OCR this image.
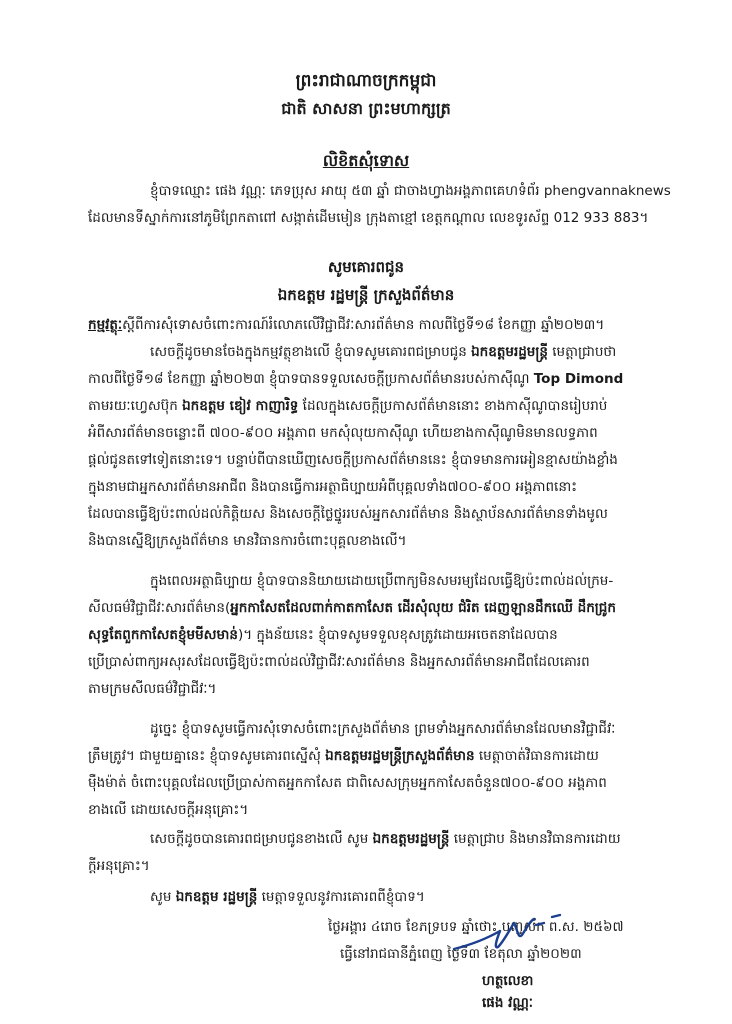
ព្រះរាជាណាចក្រកម្ពុជា
ជាតិ សាសនា ព្រះមហាក្សត្រ
លិខិតសុំទោស
ខ្ញុំបាទឈ្មោះ ផេង វណ្ណៈ ភេទប្រុស អាយុ ៥៣ ឆ្នាំ ជាចាងហ្វាងអង្គភាពគេហទំព័រ phengvannaknews
ដែលមានទីស្នាក់ការនៅភូមិព្រែកតាពៅ សង្កាត់ដើមមៀន ក្រុងតាខ្មៅ ខេត្តកណ្ដាល លេខទូរស័ព្ទ 012 933 883។
សូមគោរពជូន
ឯកឧត្តម រដ្ឋមន្ត្រី ក្រសួងព័ត៌មាន
កម្មវត្ថុៈស្ដីពីការសុំទោសចំពោះការណ៍រំលោភលើវិជ្ជាជីវៈសារព័ត៌មាន កាលពីថ្ងៃទី១៨ ខែកញ្ញា ឆ្នាំ២០២៣។
សេចក្ដីដូចមានចែងក្នុងកម្មវត្ថុខាងលើ ខ្ញុំបាទសូមគោរពជម្រាបជូន ឯកឧត្តមរដ្ឋមន្ត្រី មេត្តាជ្រាបថា
កាលពីថ្ងៃទី១៨ ខែកញ្ញា ឆ្នាំ២០២៣ ខ្ញុំបាទបានទទួលសេចក្ដីប្រកាសព័ត៌មានរបស់កាស៊ីណូ Top Dimond
តាមរយៈហ្វេសប៊ុក ឯកឧត្តម ឌៀវ កាញារិទ្ធ ដែលក្នុងសេចក្ដីប្រកាសព័ត៌មាននោះ ខាងកាស៊ីណូបានរៀបរាប់
អំពីសារព័ត៌មានចន្លោះពី ៧០០-៩០០ អង្គភាព មកសុំលុយកាស៊ីណូ ហើយខាងកាស៊ីណូមិនមានលទ្ធភាព
ផ្តល់ជូនតទៅទៀតនោះទេ។ បន្ទាប់ពីបានឃើញសេចក្តីប្រកាសព័ត៌មាននេះ ខ្ញុំបាទមានការអៀនខ្មាសយ៉ាងខ្លាំង
ក្នុងនាមជាអ្នកសារព័ត៌មានអាជីព និងបានធ្វើការអត្ថាធិប្បាយអំពីបុគ្គលទាំង៧០០-៩០០ អង្គភាពនោះ
ដែលបានធ្វើឱ្យប៉ះពាល់ដល់កិត្តិយស និងសេចក្តីថ្លៃថ្នូររបស់អ្នកសារព័ត៌មាន និងស្ថាប័នសារព័ត៌មានទាំងមូល
និងបានស្នើឱ្យក្រសួងព័ត៌មាន មានវិធានការចំពោះបុគ្គលខាងលើ។
ក្នុងពេលអត្ថាធិប្បាយ ខ្ញុំបាទបាននិយាយដោយប្រើពាក្យមិនសមរម្យដែលធ្វើឱ្យប៉ះពាល់ដល់ក្រម-
សីលធម៌វិជ្ជាជីវៈសារព័ត៌មាន(អ្នកកាសែតដែលពាក់កាតកាសែត ដើរសុំលុយ ជំរិត ដេញឡានដឹកឈើ ដឹកជ្រូក
សុទ្ធតែពួកកាសែតខ្ញុំមមីសមាន់)។ ក្នុងន័យនេះ ខ្ញុំបាទសូមទទួលខុសត្រូវដោយអចេតនាដែលបាន
ប្រើប្រាស់ពាក្យអសុរសដែលធ្វើឱ្យប៉ះពាល់ដល់វិជ្ជាជីវៈសារព័ត៌មាន និងអ្នកសារព័ត៌មានអាជីពដែលគោរព
តាមក្រមសីលធម៌វិជ្ជាជីវៈ។
ដូច្នេះ ខ្ញុំបាទសូមធ្វើការសុំទោសចំពោះក្រសួងព័ត៌មាន ព្រមទាំងអ្នកសារព័ត៌មានដែលមានវិជ្ជាជីវៈ
ត្រឹមត្រូវ។ ជាមួយគ្នានេះ ខ្ញុំបាទសូមគោរពស្នើសុំ ឯកឧត្តមរដ្ឋមន្ត្រីក្រសួងព័ត៌មាន មេត្តាចាត់វិធានការដោយ
ម៉ឺងម៉ាត់ ចំពោះបុគ្គលដែលប្រើប្រាស់កាតអ្នកកាសែត ជាពិសេសក្រុមអ្នកកាសែតចំនួន៧០០-៩០០ អង្គភាព
ខាងលើ ដោយសេចក្តីអនុគ្រោះ។
សេចក្ដីដូចបានគោរពជម្រាបជូនខាងលើ សូម ឯកឧត្តមរដ្ឋមន្ត្រី មេត្តាជ្រាប និងមានវិធានការដោយ
ក្ដីអនុគ្រោះ។
សូម ឯកឧត្តម រដ្ឋមន្ត្រី មេត្តាទទួលនូវការគោរពពីខ្ញុំបាទ។
ថ្ងៃអង្គារ ៤រោច ខែភទ្របទ ឆ្នាំថោះ បញ្ចស័ក ព.ស. ២៥៦៧
ធ្វើនៅរាជធានីភ្នំពេញ ថ្ងៃទី៣ ខែតុលា ឆ្នាំ២០២៣
ហត្ថលេខា
ផេង វណ្ណៈ
